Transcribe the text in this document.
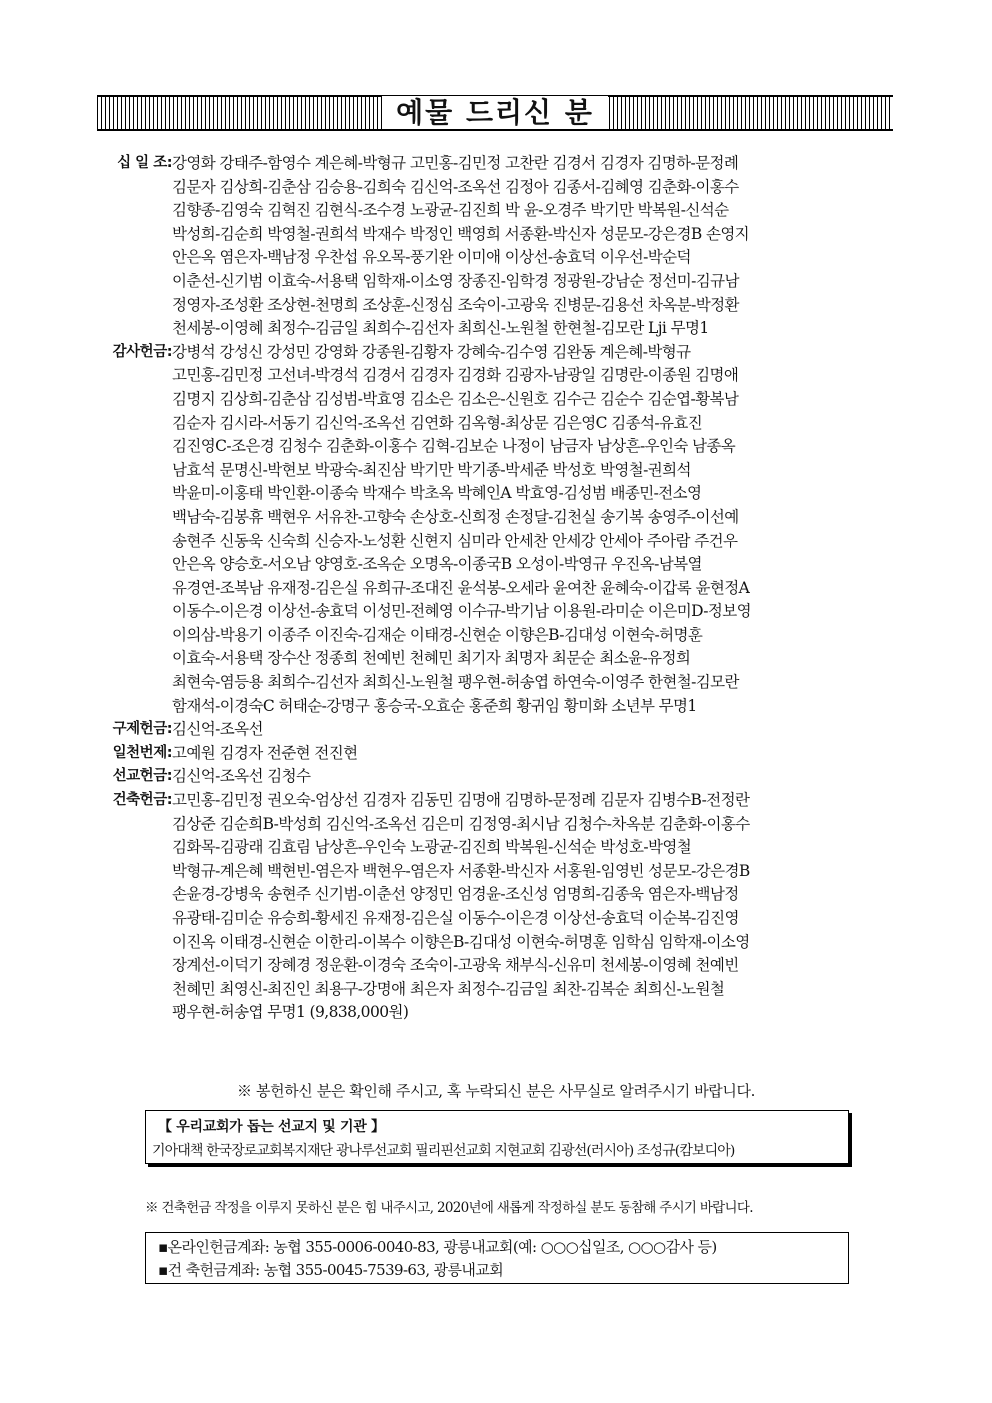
예물 드리신 분
십 일 조: 강영화 강태주-함영수 계은혜-박형규 고민홍-김민정 고찬란 김경서 김경자 김명하-문정례
김문자 김상희-김춘삼 김승용-김희숙 김신억-조옥선 김정아 김종서-김혜영 김춘화-이홍수
김향종-김영숙 김혁진 김현식-조수경 노광균-김진희 박 윤-오경주 박기만 박복원-신석순
박성희-김순희 박영철-권희석 박재수 박정인 백영희 서종환-박신자 성문모-강은경B 손영지
안은옥 염은자-백남정 우찬섭 유오목-풍기완 이미애 이상선-송효덕 이우선-박순덕
이춘선-신기범 이효숙-서용택 임학재-이소영 장종진-임학경 정광원-강남순 정선미-김규남
정영자-조성환 조상현-천명희 조상훈-신정심 조숙이-고광욱 진병문-김용선 차옥분-박정환
천세봉-이영혜 최정수-김금일 최희수-김선자 최희신-노원철 한현철-김모란 Lji 무명1
감사헌금: 강병석 강성신 강성민 강영화 강종원-김황자 강혜숙-김수영 김완동 계은혜-박형규
고민홍-김민정 고선녀-박경석 김경서 김경자 김경화 김광자-남광일 김명란-이종원 김명애
김명지 김상희-김춘삼 김성범-박효영 김소은 김소은-신원호 김수근 김순수 김순엽-황복남
김순자 김시라-서동기 김신억-조옥선 김연화 김옥형-최상문 김은영C 김종석-유효진
김진영C-조은경 김청수 김춘화-이홍수 김혁-김보순 나정이 남금자 남상흔-우인숙 남종옥
남효석 문명신-박현보 박광숙-최진삼 박기만 박기종-박세준 박성호 박영철-권희석
박윤미-이홍태 박인환-이종숙 박재수 박초옥 박혜인A 박효영-김성범 배종민-전소영
백남숙-김봉휴 백현우 서유찬-고향숙 손상호-신희정 손정달-김천실 송기복 송영주-이선예
송현주 신동욱 신숙희 신승자-노성환 신현지 심미라 안세찬 안세강 안세아 주아람 주건우
안은옥 양승호-서오남 양영호-조옥순 오명옥-이종국B 오성이-박영규 우진옥-남복열
유경연-조복남 유재정-김은실 유희규-조대진 윤석봉-오세라 윤여찬 윤혜숙-이갑록 윤현정A
이동수-이은경 이상선-송효덕 이성민-전혜영 이수규-박기남 이용원-라미순 이은미D-정보영
이의삼-박용기 이종주 이진숙-김재순 이태경-신현순 이향은B-김대성 이현숙-허명훈
이효숙-서용택 장수산 정종희 천예빈 천혜민 최기자 최명자 최문순 최소윤-유정희
최현숙-염등용 최희수-김선자 최희신-노원철 팽우현-허송엽 하연숙-이영주 한현철-김모란
함재석-이경숙C 허태순-강명구 홍승국-오효순 홍준희 황귀임 황미화 소년부 무명1
구제헌금: 김신억-조옥선
일천번제: 고예원 김경자 전준현 전진현
선교헌금: 김신억-조옥선 김청수
건축헌금: 고민홍-김민정 권오숙-엄상선 김경자 김동민 김명애 김명하-문정례 김문자 김병수B-전정란
김상준 김순희B-박성희 김신억-조옥선 김은미 김정영-최시남 김청수-차옥분 김춘화-이홍수
김화목-김광래 김효림 남상흔-우인숙 노광균-김진희 박복원-신석순 박성호-박영철
박형규-계은혜 백현빈-염은자 백현우-염은자 서종환-박신자 서홍원-임영빈 성문모-강은경B
손윤경-강병욱 송현주 신기범-이춘선 양정민 엄경윤-조신성 엄명희-김종욱 염은자-백남정
유광태-김미순 유승희-황세진 유재정-김은실 이동수-이은경 이상선-송효덕 이순복-김진영
이진옥 이태경-신현순 이한리-이복수 이향은B-김대성 이현숙-허명훈 임학심 임학재-이소영
장계선-이덕기 장혜경 정운환-이경숙 조숙이-고광욱 채부식-신유미 천세봉-이영혜 천예빈
천혜민 최영신-최진인 최용구-강명애 최은자 최정수-김금일 최찬-김복순 최희신-노원철
팽우현-허송엽 무명1 (9,838,000원)
※ 봉헌하신 분은 확인해 주시고, 혹 누락되신 분은 사무실로 알려주시기 바랍니다.
【 우리교회가 돕는 선교지 및 기관 】
기아대책 한국장로교회복지재단 광나루선교회 필리핀선교회 지현교회 김광선(러시아) 조성규(캄보디아)
※ 건축헌금 작정을 이루지 못하신 분은 힘 내주시고, 2020년에 새롭게 작정하실 분도 동참해 주시기 바랍니다.
▪온라인헌금계좌: 농협 355-0006-0040-83, 광릉내교회(예: ○○○십일조, ○○○감사 등)
▪건 축헌금계좌: 농협 355-0045-7539-63, 광릉내교회
